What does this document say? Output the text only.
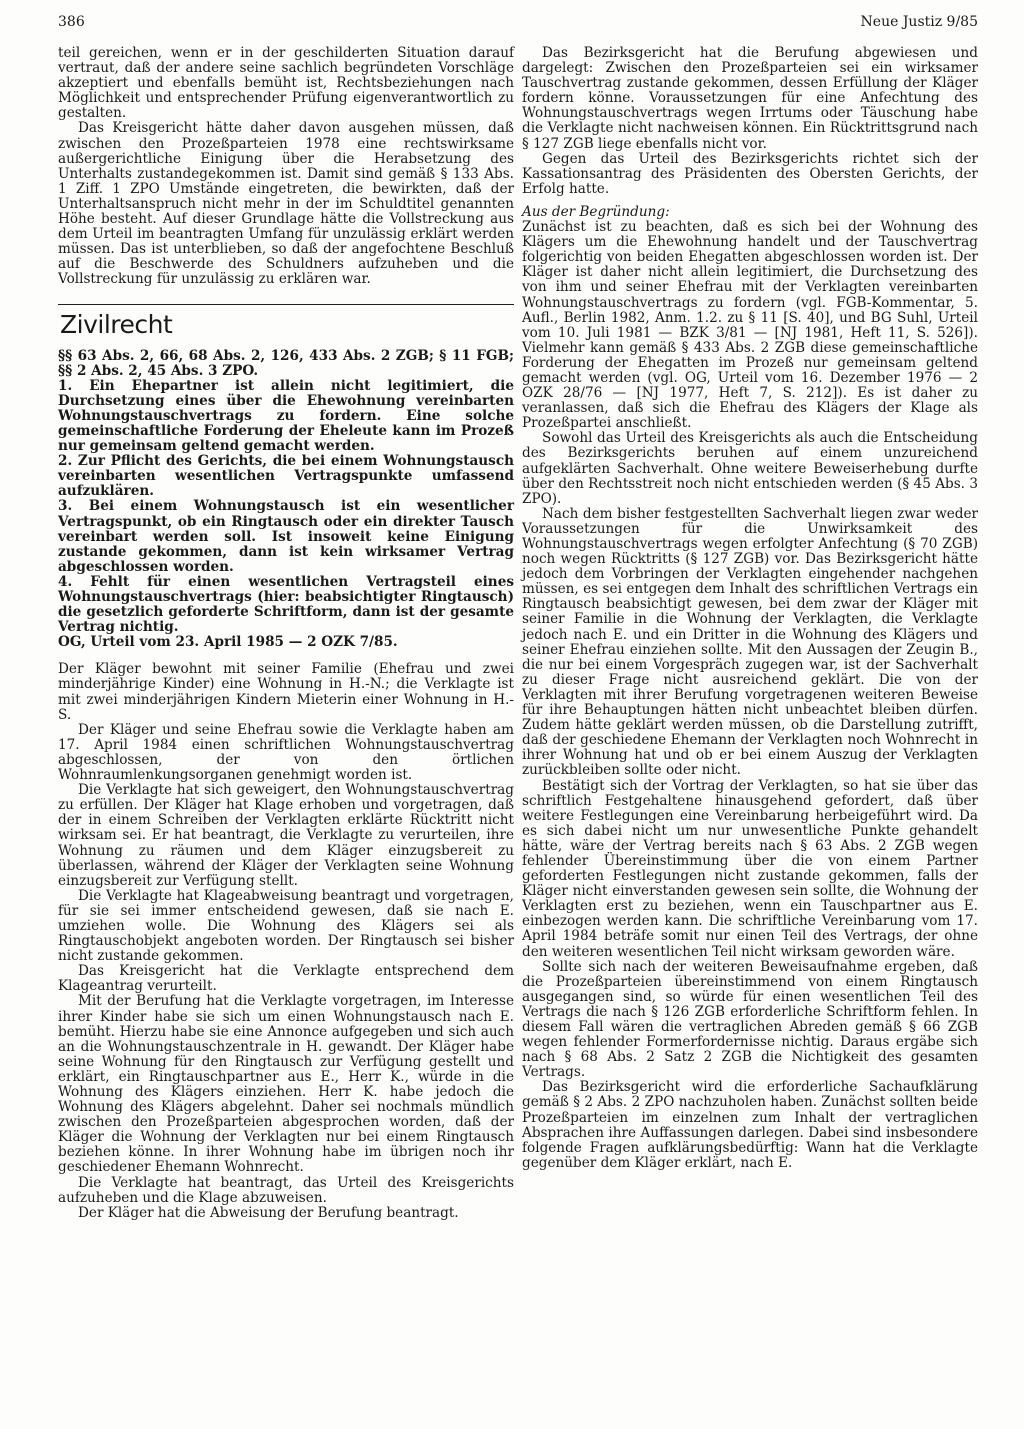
386	Neue Justiz 9/85

teil gereichen, wenn er in der geschilderten Situation darauf vertraut, daß der andere seine sachlich begründeten Vorschläge akzeptiert und ebenfalls bemüht ist, Rechtsbeziehungen nach Möglichkeit und entsprechender Prüfung eigenverantwortlich zu gestalten.

Das Kreisgericht hätte daher davon ausgehen müssen, daß zwischen den Prozeßparteien 1978 eine rechtswirksame außergerichtliche Einigung über die Herabsetzung des Unterhalts zustandegekommen ist. Damit sind gemäß § 133 Abs. 1 Ziff. 1 ZPO Umstände eingetreten, die bewirkten, daß der Unterhaltsanspruch nicht mehr in der im Schuldtitel genannten Höhe besteht. Auf dieser Grundlage hätte die Vollstreckung aus dem Urteil im beantragten Umfang für unzulässig erklärt werden müssen. Das ist unterblieben, so daß der angefochtene Beschluß auf die Beschwerde des Schuldners aufzuheben und die Vollstreckung für unzulässig zu erklären war.

Zivilrecht

§§ 63 Abs. 2, 66, 68 Abs. 2, 126, 433 Abs. 2 ZGB; § 11 FGB; §§ 2 Abs. 2, 45 Abs. 3 ZPO.

1. Ein Ehepartner ist allein nicht legitimiert, die Durchsetzung eines über die Ehewohnung vereinbarten Wohnungstauschvertrags zu fordern. Eine solche gemeinschaftliche Forderung der Eheleute kann im Prozeß nur gemeinsam geltend gemacht werden.

2. Zur Pflicht des Gerichts, die bei einem Wohnungstausch vereinbarten wesentlichen Vertragspunkte umfassend aufzuklären.

3. Bei einem Wohnungstausch ist ein wesentlicher Vertragspunkt, ob ein Ringtausch oder ein direkter Tausch vereinbart werden soll. Ist insoweit keine Einigung zustande gekommen, dann ist kein wirksamer Vertrag abgeschlossen worden.

4. Fehlt für einen wesentlichen Vertragsteil eines Wohnungstauschvertrags (hier: beabsichtigter Ringtausch) die gesetzlich geforderte Schriftform, dann ist der gesamte Vertrag nichtig.

OG, Urteil vom 23. April 1985 — 2 OZK 7/85.

Der Kläger bewohnt mit seiner Familie (Ehefrau und zwei minderjährige Kinder) eine Wohnung in H.-N.; die Verklagte ist mit zwei minderjährigen Kindern Mieterin einer Wohnung in H.-S.

Der Kläger und seine Ehefrau sowie die Verklagte haben am 17. April 1984 einen schriftlichen Wohnungstauschvertrag abgeschlossen, der von den örtlichen Wohnraumlenkungsorganen genehmigt worden ist.

Die Verklagte hat sich geweigert, den Wohnungstauschvertrag zu erfüllen. Der Kläger hat Klage erhoben und vorgetragen, daß der in einem Schreiben der Verklagten erklärte Rücktritt nicht wirksam sei. Er hat beantragt, die Verklagte zu verurteilen, ihre Wohnung zu räumen und dem Kläger einzugsbereit zu überlassen, während der Kläger der Verklagten seine Wohnung einzugsbereit zur Verfügung stellt.

Die Verklagte hat Klageabweisung beantragt und vorgetragen, für sie sei immer entscheidend gewesen, daß sie nach E. umziehen wolle. Die Wohnung des Klägers sei als Ringtauschobjekt angeboten worden. Der Ringtausch sei bisher nicht zustande gekommen.

Das Kreisgericht hat die Verklagte entsprechend dem Klageantrag verurteilt.

Mit der Berufung hat die Verklagte vorgetragen, im Interesse ihrer Kinder habe sie sich um einen Wohnungstausch nach E. bemüht. Hierzu habe sie eine Annonce aufgegeben und sich auch an die Wohnungstauschzentrale in H. gewandt. Der Kläger habe seine Wohnung für den Ringtausch zur Verfügung gestellt und erklärt, ein Ringtauschpartner aus E., Herr K., würde in die Wohnung des Klägers einziehen. Herr K. habe jedoch die Wohnung des Klägers abgelehnt. Daher sei nochmals mündlich zwischen den Prozeßparteien abgesprochen worden, daß der Kläger die Wohnung der Verklagten nur bei einem Ringtausch beziehen könne. In ihrer Wohnung habe im übrigen noch ihr geschiedener Ehemann Wohnrecht.

Die Verklagte hat beantragt, das Urteil des Kreisgerichts aufzuheben und die Klage abzuweisen.

Der Kläger hat die Abweisung der Berufung beantragt.

Das Bezirksgericht hat die Berufung abgewiesen und dargelegt: Zwischen den Prozeßparteien sei ein wirksamer Tauschvertrag zustande gekommen, dessen Erfüllung der Kläger fordern könne. Voraussetzungen für eine Anfechtung des Wohnungstauschvertrags wegen Irrtums oder Täuschung habe die Verklagte nicht nachweisen können. Ein Rücktrittsgrund nach § 127 ZGB liege ebenfalls nicht vor.

Gegen das Urteil des Bezirksgerichts richtet sich der Kassationsantrag des Präsidenten des Obersten Gerichts, der Erfolg hatte.

Aus der Begründung:

Zunächst ist zu beachten, daß es sich bei der Wohnung des Klägers um die Ehewohnung handelt und der Tauschvertrag folgerichtig von beiden Ehegatten abgeschlossen worden ist. Der Kläger ist daher nicht allein legitimiert, die Durchsetzung des von ihm und seiner Ehefrau mit der Verklagten vereinbarten Wohnungstauschvertrags zu fordern (vgl. FGB-Kommentar, 5. Aufl., Berlin 1982, Anm. 1.2. zu § 11 [S. 40], und BG Suhl, Urteil vom 10. Juli 1981 — BZK 3/81 — [NJ 1981, Heft 11, S. 526]). Vielmehr kann gemäß § 433 Abs. 2 ZGB diese gemeinschaftliche Forderung der Ehegatten im Prozeß nur gemeinsam geltend gemacht werden (vgl. OG, Urteil vom 16. Dezember 1976 — 2 OZK 28/76 — [NJ 1977, Heft 7, S. 212]). Es ist daher zu veranlassen, daß sich die Ehefrau des Klägers der Klage als Prozeßpartei anschließt.

Sowohl das Urteil des Kreisgerichts als auch die Entscheidung des Bezirksgerichts beruhen auf einem unzureichend aufgeklärten Sachverhalt. Ohne weitere Beweiserhebung durfte über den Rechtsstreit noch nicht entschieden werden (§ 45 Abs. 3 ZPO).

Nach dem bisher festgestellten Sachverhalt liegen zwar weder Voraussetzungen für die Unwirksamkeit des Wohnungstauschvertrags wegen erfolgter Anfechtung (§ 70 ZGB) noch wegen Rücktritts (§ 127 ZGB) vor. Das Bezirksgericht hätte jedoch dem Vorbringen der Verklagten eingehender nachgehen müssen, es sei entgegen dem Inhalt des schriftlichen Vertrags ein Ringtausch beabsichtigt gewesen, bei dem zwar der Kläger mit seiner Familie in die Wohnung der Verklagten, die Verklagte jedoch nach E. und ein Dritter in die Wohnung des Klägers und seiner Ehefrau einziehen sollte. Mit den Aussagen der Zeugin B., die nur bei einem Vorgespräch zugegen war, ist der Sachverhalt zu dieser Frage nicht ausreichend geklärt. Die von der Verklagten mit ihrer Berufung vorgetragenen weiteren Beweise für ihre Behauptungen hätten nicht unbeachtet bleiben dürfen. Zudem hätte geklärt werden müssen, ob die Darstellung zutrifft, daß der geschiedene Ehemann der Verklagten noch Wohnrecht in ihrer Wohnung hat und ob er bei einem Auszug der Verklagten zurückbleiben sollte oder nicht.

Bestätigt sich der Vortrag der Verklagten, so hat sie über das schriftlich Festgehaltene hinausgehend gefordert, daß über weitere Festlegungen eine Vereinbarung herbeigeführt wird. Da es sich dabei nicht um nur unwesentliche Punkte gehandelt hätte, wäre der Vertrag bereits nach § 63 Abs. 2 ZGB wegen fehlender Übereinstimmung über die von einem Partner geforderten Festlegungen nicht zustande gekommen, falls der Kläger nicht einverstanden gewesen sein sollte, die Wohnung der Verklagten erst zu beziehen, wenn ein Tauschpartner aus E. einbezogen werden kann. Die schriftliche Vereinbarung vom 17. April 1984 beträfe somit nur einen Teil des Vertrags, der ohne den weiteren wesentlichen Teil nicht wirksam geworden wäre.

Sollte sich nach der weiteren Beweisaufnahme ergeben, daß die Prozeßparteien übereinstimmend von einem Ringtausch ausgegangen sind, so würde für einen wesentlichen Teil des Vertrags die nach § 126 ZGB erforderliche Schriftform fehlen. In diesem Fall wären die vertraglichen Abreden gemäß § 66 ZGB wegen fehlender Formerfordernisse nichtig. Daraus ergäbe sich nach § 68 Abs. 2 Satz 2 ZGB die Nichtigkeit des gesamten Vertrags.

Das Bezirksgericht wird die erforderliche Sachaufklärung gemäß § 2 Abs. 2 ZPO nachzuholen haben. Zunächst sollten beide Prozeßparteien im einzelnen zum Inhalt der vertraglichen Absprachen ihre Auffassungen darlegen. Dabei sind insbesondere folgende Fragen aufklärungsbedürftig: Wann hat die Verklagte gegenüber dem Kläger erklärt, nach E.
